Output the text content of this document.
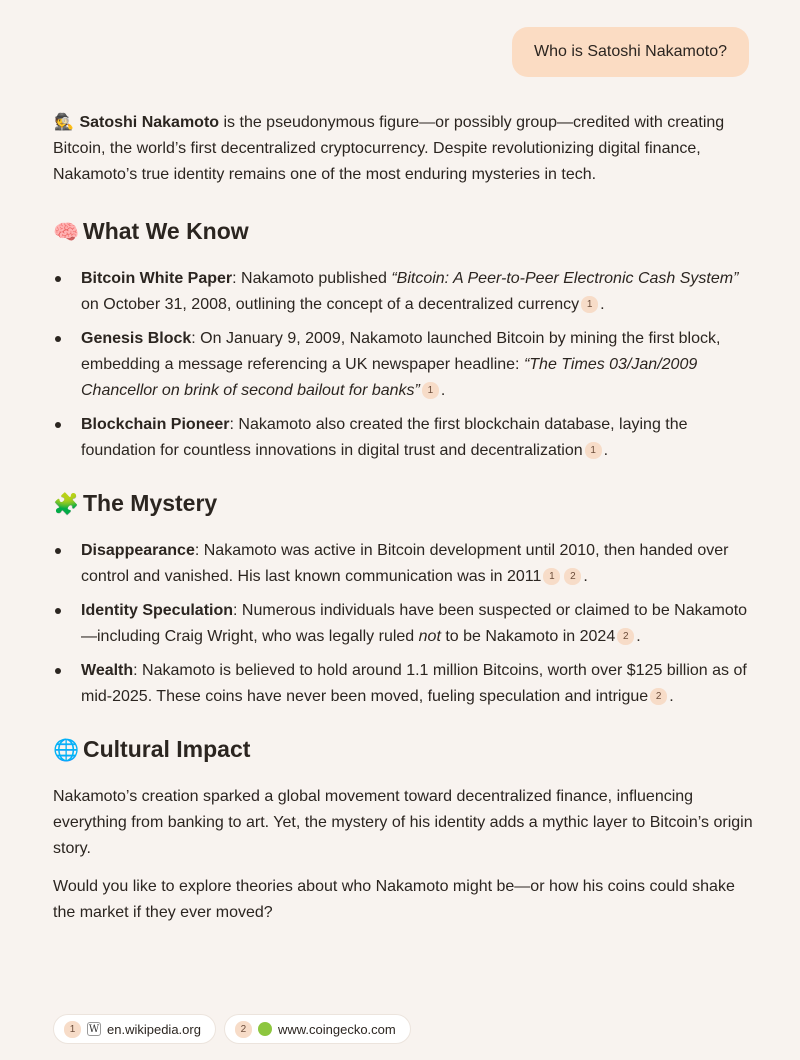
Who is Satoshi Nakamoto?

🕵️ Satoshi Nakamoto is the pseudonymous figure—or possibly group—credited with creating Bitcoin, the world’s first decentralized cryptocurrency. Despite revolutionizing digital finance, Nakamoto’s true identity remains one of the most enduring mysteries in tech.

🧠 What We Know
Bitcoin White Paper: Nakamoto published “Bitcoin: A Peer-to-Peer Electronic Cash System” on October 31, 2008, outlining the concept of a decentralized currency 1 .
Genesis Block: On January 9, 2009, Nakamoto launched Bitcoin by mining the first block, embedding a message referencing a UK newspaper headline: “The Times 03/Jan/2009 Chancellor on brink of second bailout for banks” 1 .
Blockchain Pioneer: Nakamoto also created the first blockchain database, laying the foundation for countless innovations in digital trust and decentralization 1 .
🧩 The Mystery
Disappearance: Nakamoto was active in Bitcoin development until 2010, then handed over control and vanished. His last known communication was in 2011 1 2 .
Identity Speculation: Numerous individuals have been suspected or claimed to be Nakamoto—including Craig Wright, who was legally ruled not to be Nakamoto in 2024 2 .
Wealth: Nakamoto is believed to hold around 1.1 million Bitcoins, worth over $125 billion as of mid-2025. These coins have never been moved, fueling speculation and intrigue 2 .
🌐 Cultural Impact

Nakamoto’s creation sparked a global movement toward decentralized finance, influencing everything from banking to art. Yet, the mystery of his identity adds a mythic layer to Bitcoin’s origin story.

Would you like to explore theories about who Nakamoto might be—or how his coins could shake the market if they ever moved?

1	W en.wikipedia.org	2	www.coingecko.com
